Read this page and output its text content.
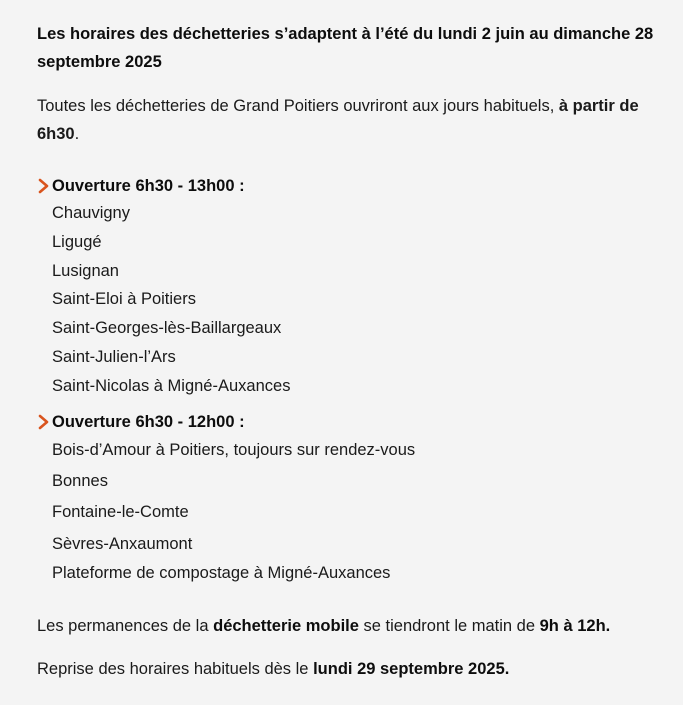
Les horaires des déchetteries s’adaptent à l’été du lundi 2 juin au dimanche 28 septembre 2025
Toutes les déchetteries de Grand Poitiers ouvriront aux jours habituels, à partir de 6h30.
Ouverture 6h30 - 13h00 :
Chauvigny
Ligugé
Lusignan
Saint-Eloi à Poitiers
Saint-Georges-lès-Baillargeaux
Saint-Julien-l’Ars
Saint-Nicolas à Migné-Auxances
Ouverture 6h30 - 12h00 :
Bois-d’Amour à Poitiers, toujours sur rendez-vous
Bonnes
Fontaine-le-Comte
Sèvres-Anxaumont
Plateforme de compostage à Migné-Auxances
Les permanences de la déchetterie mobile se tiendront le matin de 9h à 12h.
Reprise des horaires habituels dès le lundi 29 septembre 2025.
